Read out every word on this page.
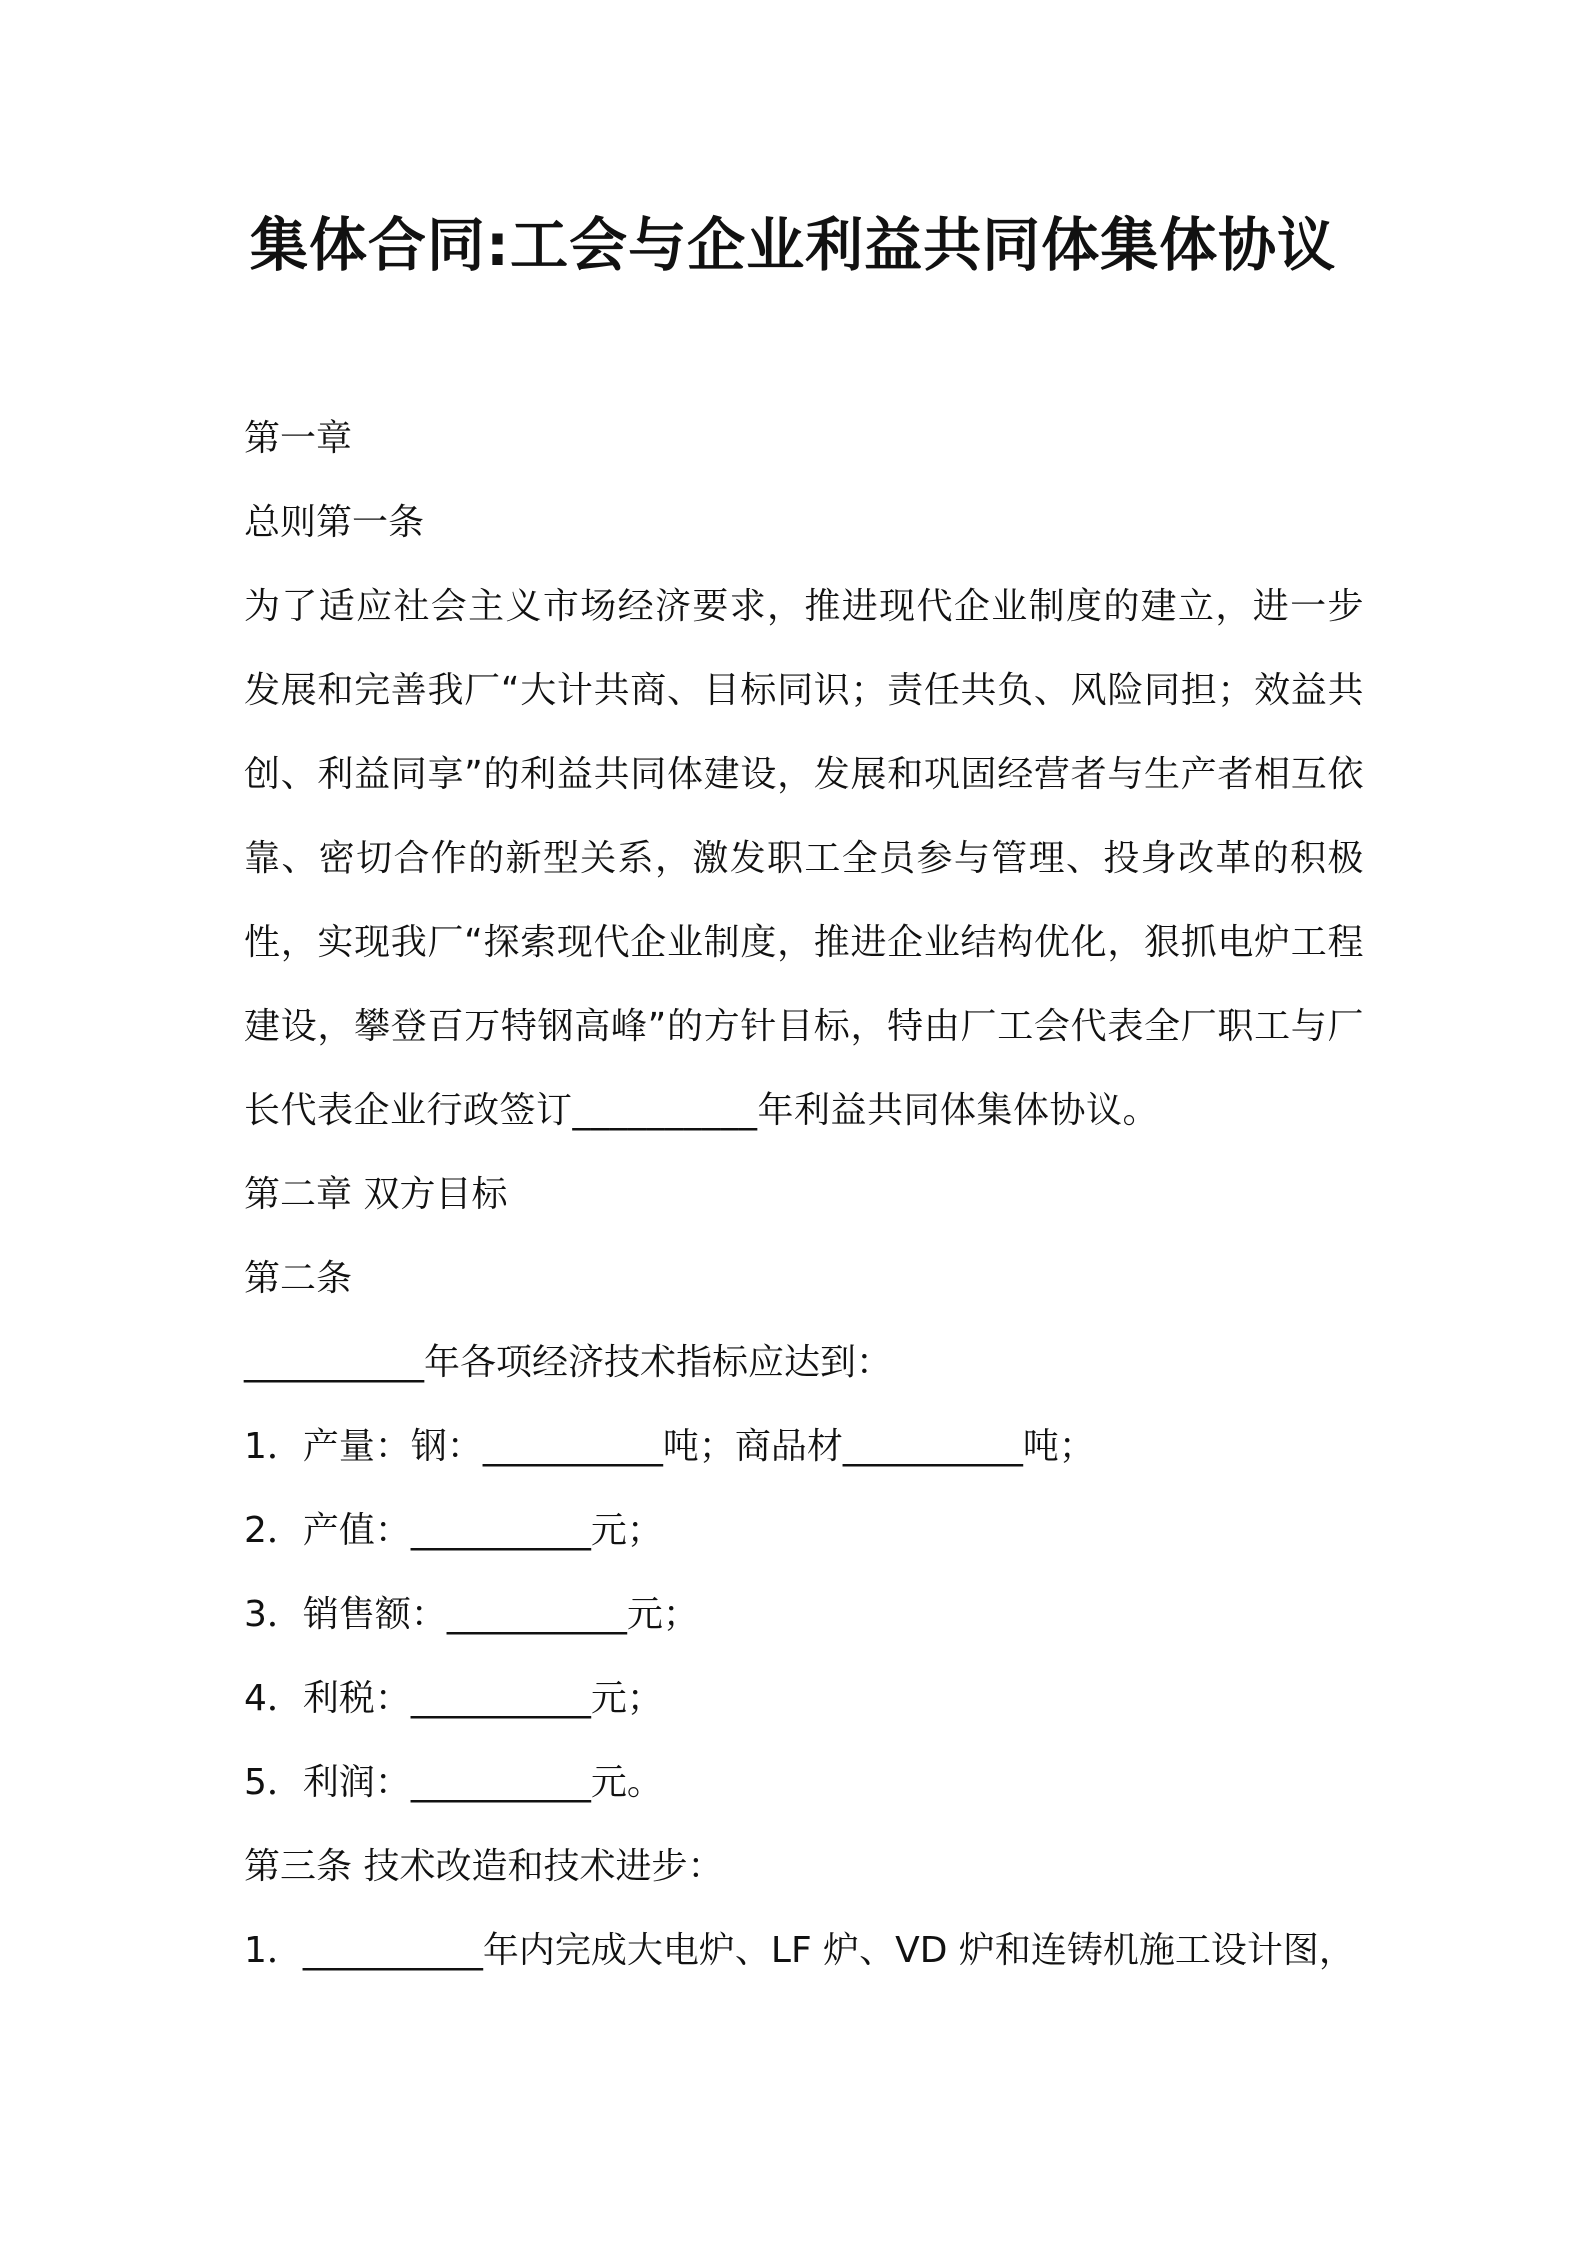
集体合同:工会与企业利益共同体集体协议

第一章

总则第一条

为了适应社会主义市场经济要求，推进现代企业制度的建立，进一步发展和完善我厂“大计共商、目标同识；责任共负、风险同担；效益共创、利益同享”的利益共同体建设，发展和巩固经营者与生产者相互依靠、密切合作的新型关系，激发职工全员参与管理、投身改革的积极性，实现我厂“探索现代企业制度，推进企业结构优化，狠抓电炉工程建设，攀登百万特钢高峰”的方针目标，特由厂工会代表全厂职工与厂长代表企业行政签订__________年利益共同体集体协议。

第二章 双方目标

第二条

__________年各项经济技术指标应达到：

1．产量：钢：__________吨；商品材__________吨；

2．产值：__________元；

3．销售额：__________元；

4．利税：__________元；

5．利润：__________元。

第三条 技术改造和技术进步：

1．__________年内完成大电炉、LF 炉、VD 炉和连铸机施工设计图，
